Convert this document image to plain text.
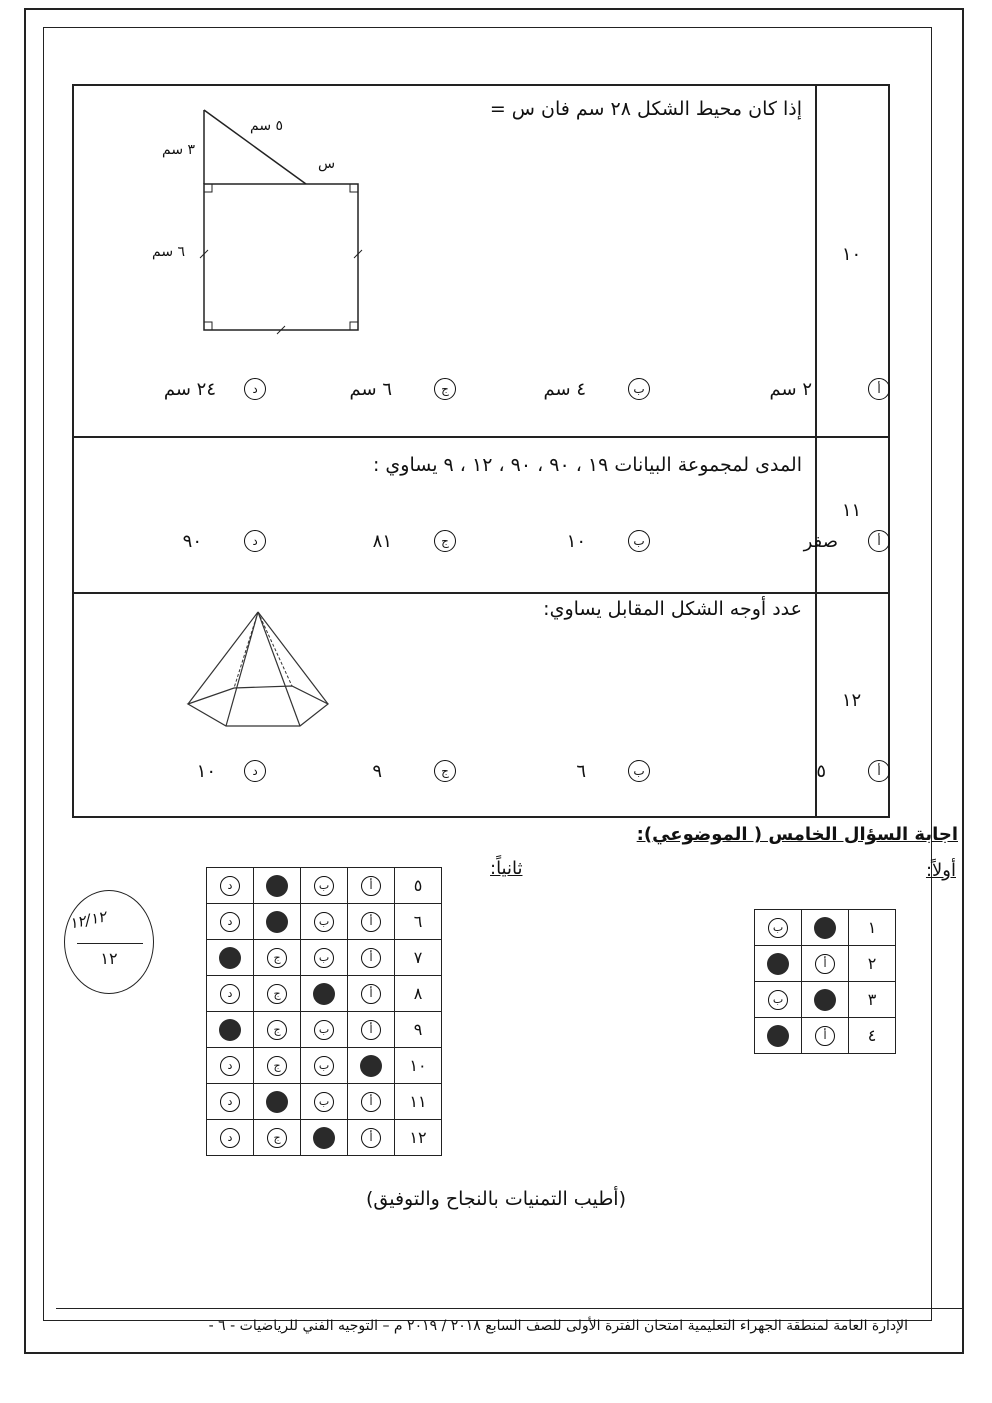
١٠
إذا كان محيط الشكل ٢٨ سم فان س =
٥ سم
٣ سم
س
٦ سم
أ
٢ سم
ب
٤ سم
ج
٦ سم
د
٢٤ سم
١١
المدى لمجموعة البيانات ١٩ ، ٩٠ ، ٩٠ ، ١٢ ، ٩ يساوي :
أ
صفر
ب
١٠
ج
٨١
د
٩٠
١٢
عدد أوجه الشكل المقابل يساوي:
أ
٥
ب
٦
ج
٩
د
١٠
اجابة السؤال الخامس ( الموضوعي):
أولاً:
ثانياً:
ب		١
	أ	٢
ب		٣
	أ	٤
د		ب	أ	٥
د		ب	أ	٦
	ج	ب	أ	٧
د	ج		أ	٨
	ج	ب	أ	٩
د	ج	ب		١٠
د		ب	أ	١١
د	ج		أ	١٢
١٢/١٢
١٢
(أطيب التمنيات بالنجاح والتوفيق)
الإدارة العامة لمنطقة الجهراء التعليمية امتحان الفترة الأولى للصف السابع ٢٠١٨ / ٢٠١٩ م – التوجيه الفني للرياضيات - ٦ -
